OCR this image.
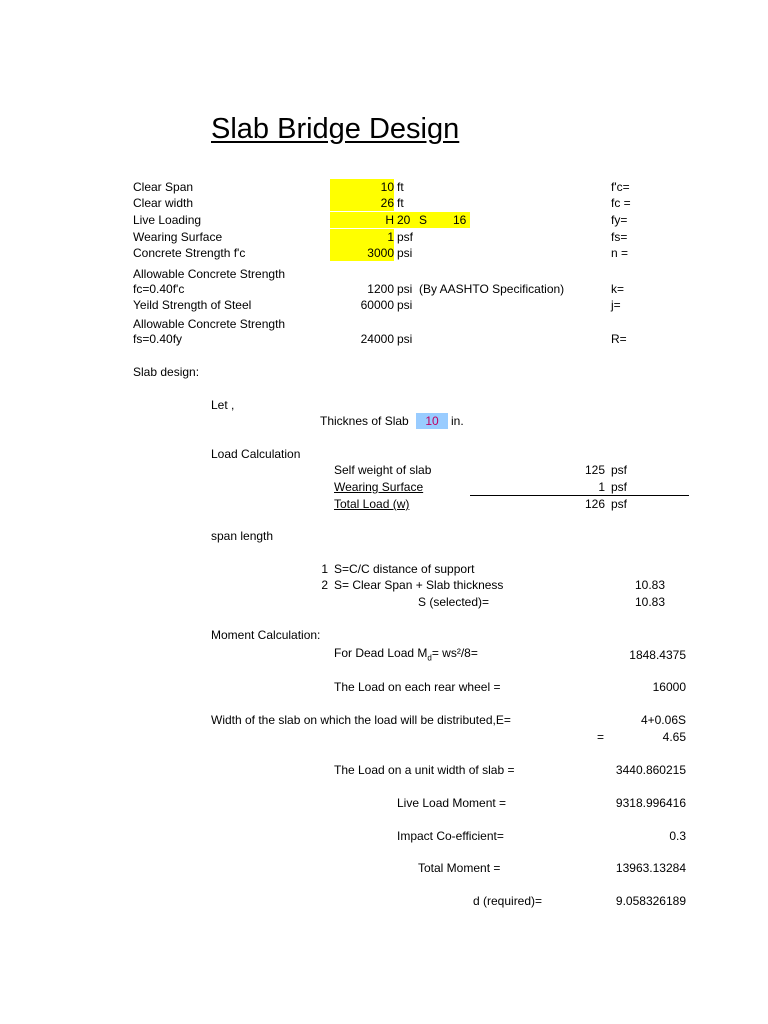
Slab Bridge Design
Clear Span	10 ft
Clear width	26 ft
Live Loading	H 20 S 16
Wearing Surface	1 psf
Concrete Strength f'c	3000 psi
Allowable Concrete Strength
fc=0.40f'c	1200 psi (By AASHTO Specification)
Yeild Strength of Steel	60000 psi
Allowable Concrete Strength
fs=0.40fy	24000 psi
f'c=
fc =
fy=
fs=
n =
k=
j=
R=
Slab design:
Let ,
Thicknes of Slab	10	in.
Load Calculation
Self weight of slab	125 psf
Wearing Surface	1 psf
Total Load (w)	126 psf
span length
1 S=C/C distance of support
2 S= Clear Span + Slab thickness	10.83
S (selected)=	10.83
Moment Calculation:
For Dead Load $M_d= ws^2/8=$	1848.4375
The Load on each rear wheel =	16000
Width of the slab on which the load will be distributed,E=	4+0.06S
=	4.65
The Load on a unit width of slab =	3440.860215
Live Load Moment =	9318.996416
Impact Co-efficient=	0.3
Total Moment =	13963.13284
d (required)=	9.058326189
